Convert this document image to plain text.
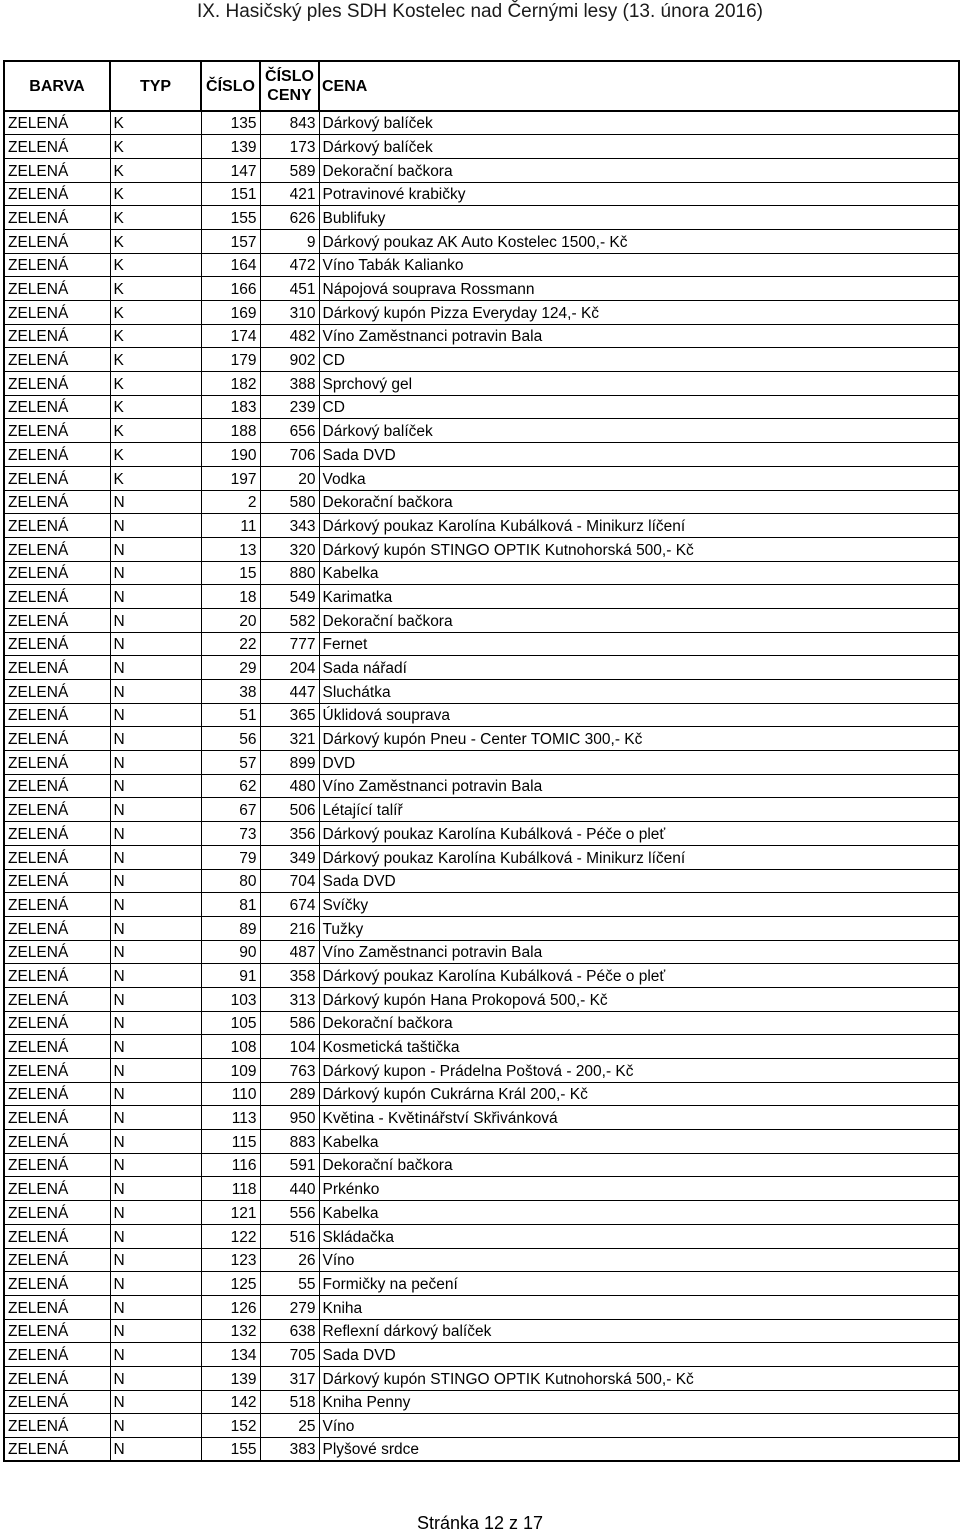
IX. Hasičský ples SDH Kostelec nad Černými lesy (13. února 2016)
BARVA	TYP	ČÍSLO	ČÍSLO CENY	CENA
ZELENÁ	K	135	843	Dárkový balíček
ZELENÁ	K	139	173	Dárkový balíček
ZELENÁ	K	147	589	Dekorační bačkora
ZELENÁ	K	151	421	Potravinové krabičky
ZELENÁ	K	155	626	Bublifuky
ZELENÁ	K	157	9	Dárkový poukaz AK Auto Kostelec 1500,- Kč
ZELENÁ	K	164	472	Víno Tabák Kalianko
ZELENÁ	K	166	451	Nápojová souprava Rossmann
ZELENÁ	K	169	310	Dárkový kupón Pizza Everyday 124,- Kč
ZELENÁ	K	174	482	Víno Zaměstnanci potravin Bala
ZELENÁ	K	179	902	CD
ZELENÁ	K	182	388	Sprchový gel
ZELENÁ	K	183	239	CD
ZELENÁ	K	188	656	Dárkový balíček
ZELENÁ	K	190	706	Sada DVD
ZELENÁ	K	197	20	Vodka
ZELENÁ	N	2	580	Dekorační bačkora
ZELENÁ	N	11	343	Dárkový poukaz Karolína Kubálková - Minikurz líčení
ZELENÁ	N	13	320	Dárkový kupón STINGO OPTIK Kutnohorská 500,- Kč
ZELENÁ	N	15	880	Kabelka
ZELENÁ	N	18	549	Karimatka
ZELENÁ	N	20	582	Dekorační bačkora
ZELENÁ	N	22	777	Fernet
ZELENÁ	N	29	204	Sada nářadí
ZELENÁ	N	38	447	Sluchátka
ZELENÁ	N	51	365	Úklidová souprava
ZELENÁ	N	56	321	Dárkový kupón Pneu - Center TOMIC 300,- Kč
ZELENÁ	N	57	899	DVD
ZELENÁ	N	62	480	Víno Zaměstnanci potravin Bala
ZELENÁ	N	67	506	Létající talíř
ZELENÁ	N	73	356	Dárkový poukaz Karolína Kubálková - Péče o pleť
ZELENÁ	N	79	349	Dárkový poukaz Karolína Kubálková - Minikurz líčení
ZELENÁ	N	80	704	Sada DVD
ZELENÁ	N	81	674	Svíčky
ZELENÁ	N	89	216	Tužky
ZELENÁ	N	90	487	Víno Zaměstnanci potravin Bala
ZELENÁ	N	91	358	Dárkový poukaz Karolína Kubálková - Péče o pleť
ZELENÁ	N	103	313	Dárkový kupón Hana Prokopová 500,- Kč
ZELENÁ	N	105	586	Dekorační bačkora
ZELENÁ	N	108	104	Kosmetická taštička
ZELENÁ	N	109	763	Dárkový kupon - Prádelna Poštová - 200,- Kč
ZELENÁ	N	110	289	Dárkový kupón Cukrárna Král 200,- Kč
ZELENÁ	N	113	950	Květina - Květinářství Skřivánková
ZELENÁ	N	115	883	Kabelka
ZELENÁ	N	116	591	Dekorační bačkora
ZELENÁ	N	118	440	Prkénko
ZELENÁ	N	121	556	Kabelka
ZELENÁ	N	122	516	Skládačka
ZELENÁ	N	123	26	Víno
ZELENÁ	N	125	55	Formičky na pečení
ZELENÁ	N	126	279	Kniha
ZELENÁ	N	132	638	Reflexní dárkový balíček
ZELENÁ	N	134	705	Sada DVD
ZELENÁ	N	139	317	Dárkový kupón STINGO OPTIK Kutnohorská 500,- Kč
ZELENÁ	N	142	518	Kniha Penny
ZELENÁ	N	152	25	Víno
ZELENÁ	N	155	383	Plyšové srdce
Stránka 12 z 17
